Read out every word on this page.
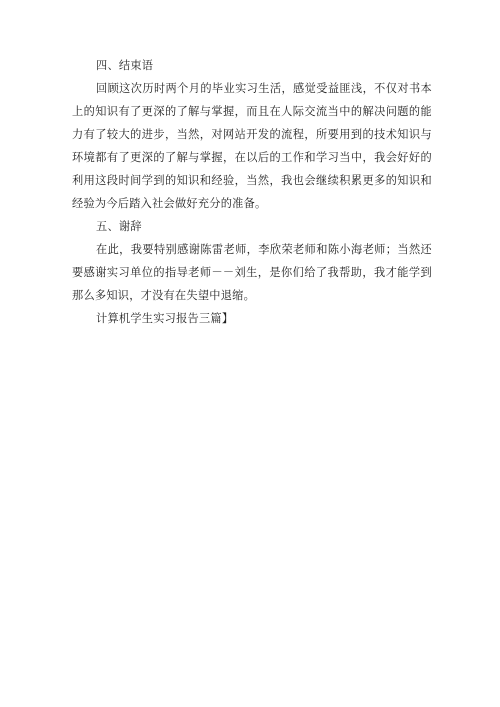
四、结束语
回顾这次历时两个月的毕业实习生活，感觉受益匪浅，不仅对书本上的知识有了更深的了解与掌握，而且在人际交流当中的解决问题的能力有了较大的进步，当然，对网站开发的流程，所要用到的技术知识与环境都有了更深的了解与掌握，在以后的工作和学习当中，我会好好的利用这段时间学到的知识和经验，当然，我也会继续积累更多的知识和经验为今后踏入社会做好充分的准备。
五、谢辞
在此，我要特别感谢陈雷老师，李欣荣老师和陈小海老师；当然还要感谢实习单位的指导老师－－刘生，是你们给了我帮助，我才能学到那么多知识，才没有在失望中退缩。
计算机学生实习报告三篇】
